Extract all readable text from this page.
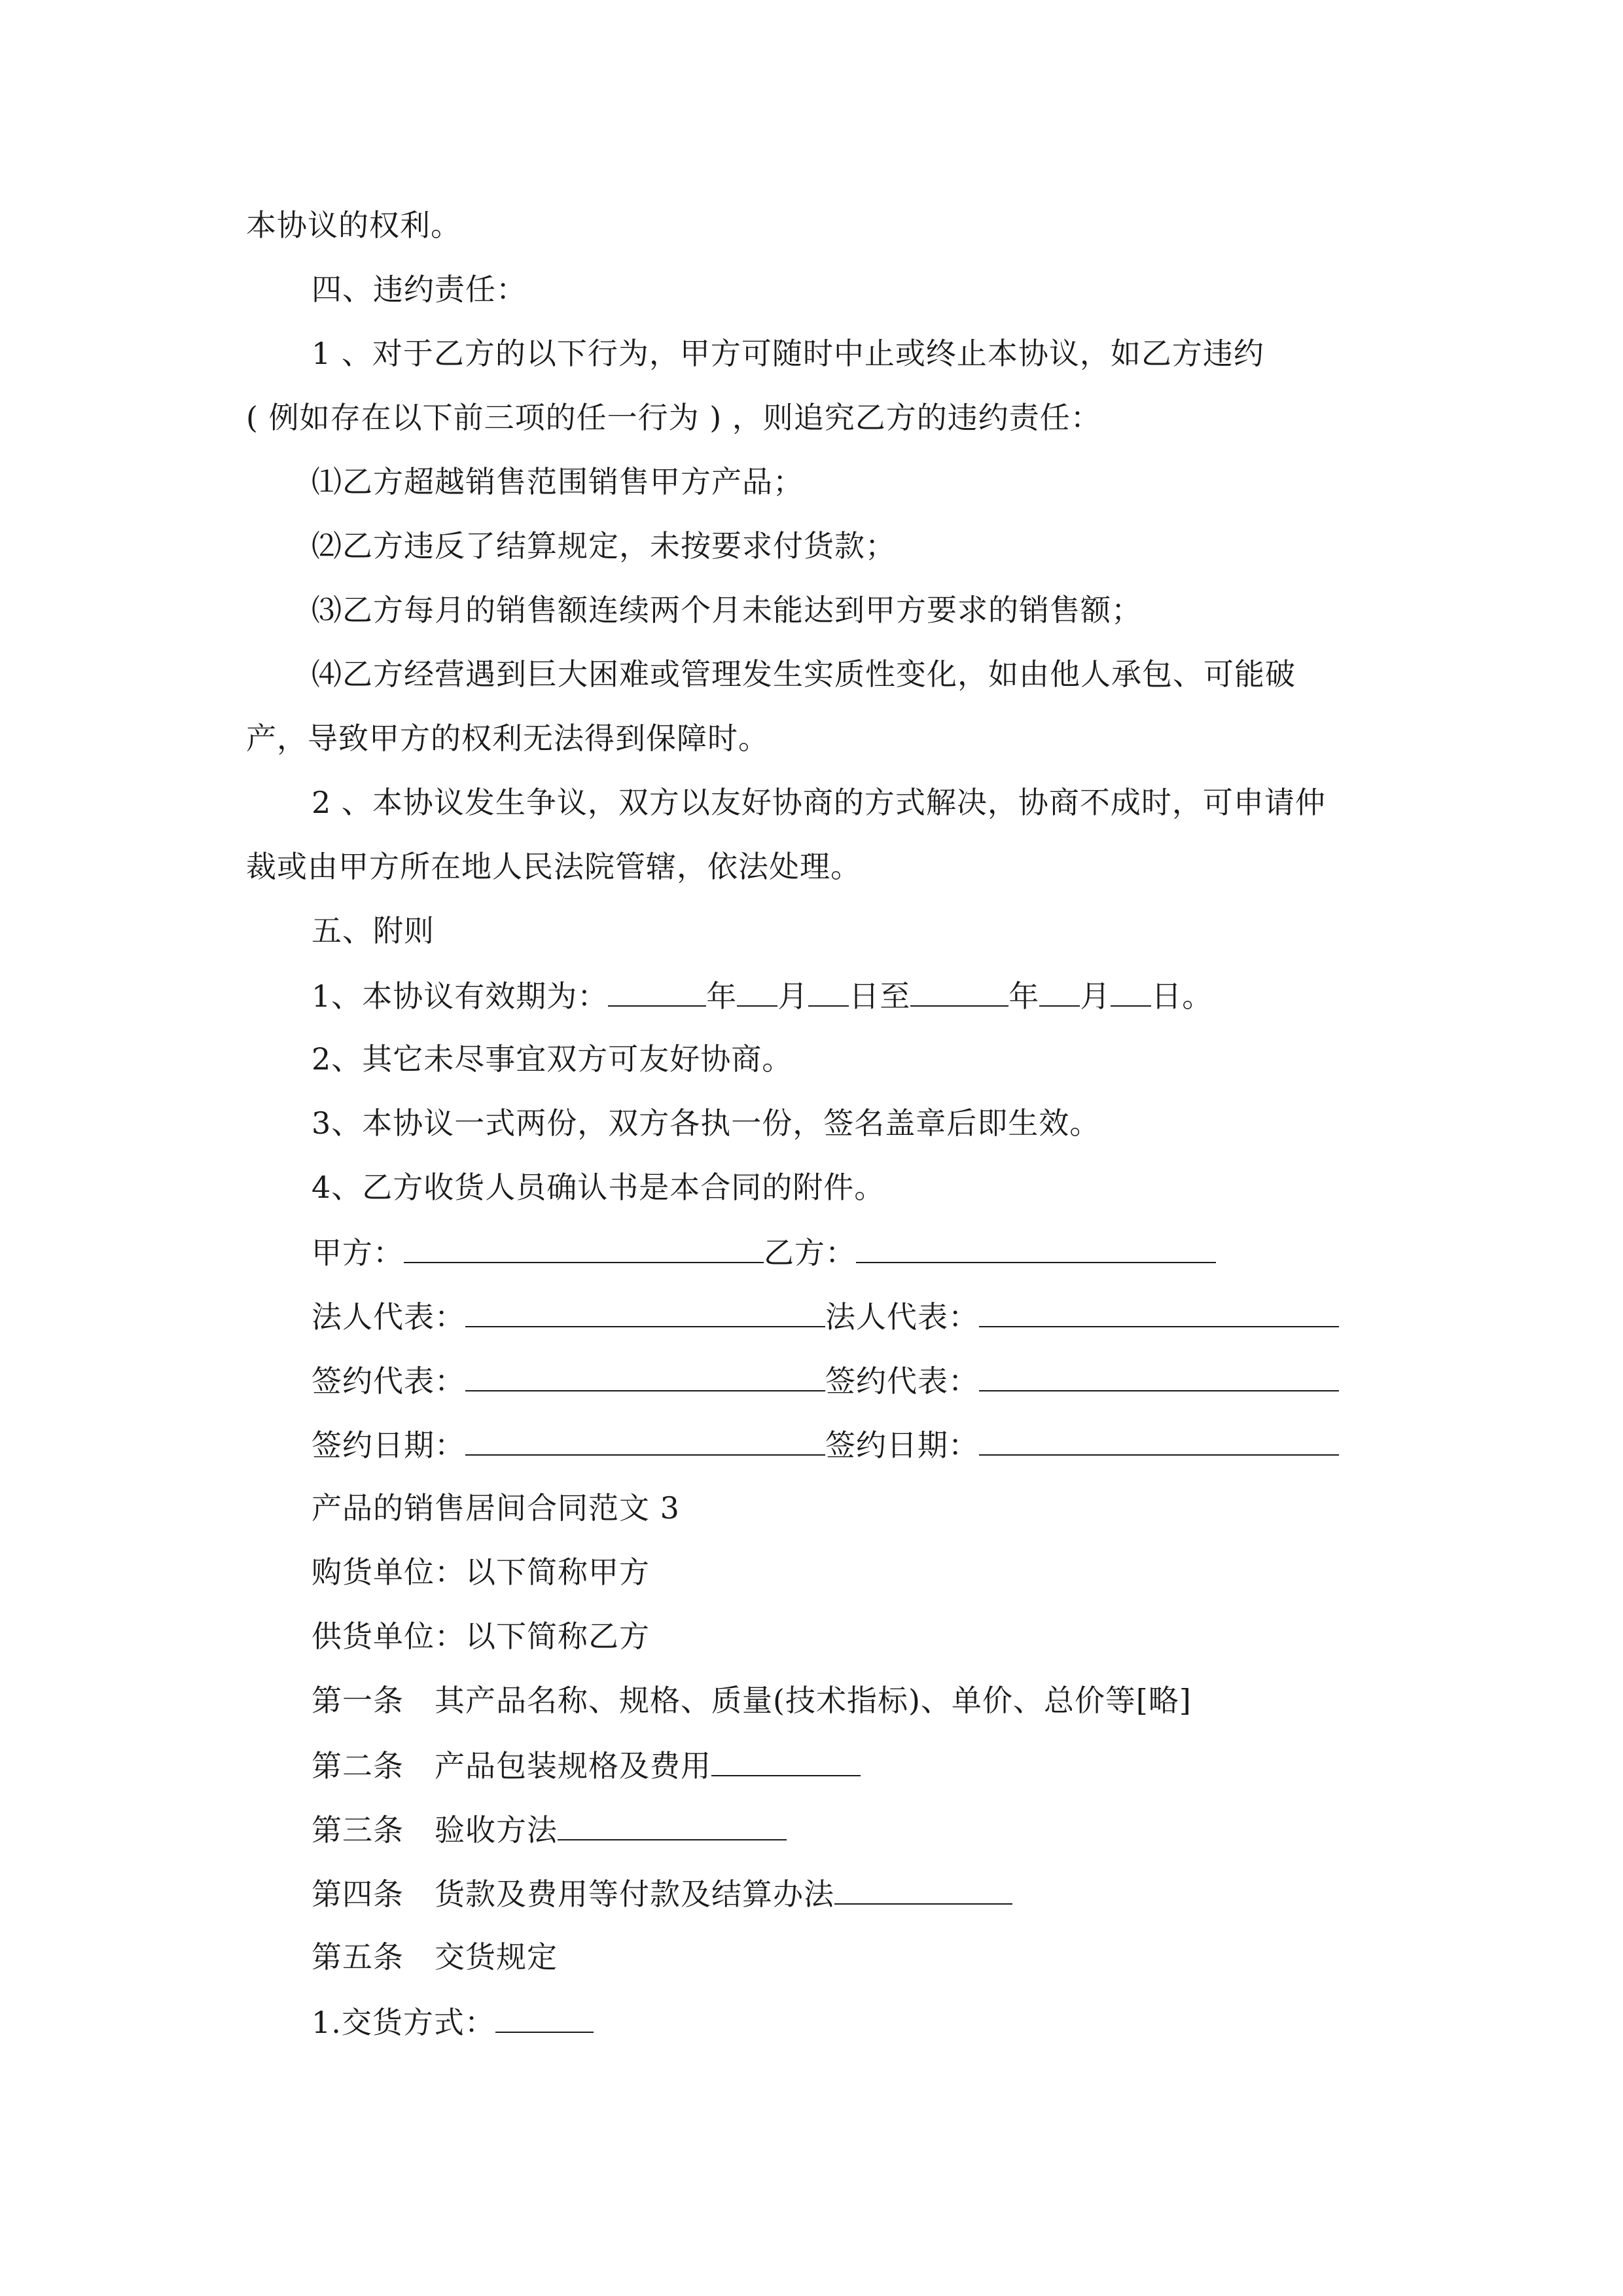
本协议的权利。
四、违约责任：
1 、对于乙方的以下行为，甲方可随时中止或终止本协议，如乙方违约
( 例如存在以下前三项的任一行为 ) ，则追究乙方的违约责任：
⑴乙方超越销售范围销售甲方产品；
⑵乙方违反了结算规定，未按要求付货款；
⑶乙方每月的销售额连续两个月未能达到甲方要求的销售额；
⑷乙方经营遇到巨大困难或管理发生实质性变化，如由他人承包、可能破
产，导致甲方的权利无法得到保障时。
2 、本协议发生争议，双方以友好协商的方式解决，协商不成时，可申请仲
裁或由甲方所在地人民法院管辖，依法处理。
五、附则
1、本协议有效期为：	年 月 日至	年 月 日。
2、其它未尽事宜双方可友好协商。
3、本协议一式两份，双方各执一份，签名盖章后即生效。
4、乙方收货人员确认书是本合同的附件。
甲方：	乙方：
法人代表：	法人代表：
签约代表：	签约代表：
签约日期：	签约日期：
产品的销售居间合同范文 3
购货单位：以下简称甲方
供货单位：以下简称乙方
第一条　其产品名称、规格、质量(技术指标)、单价、总价等[略]
第二条　产品包装规格及费用
第三条　验收方法
第四条　货款及费用等付款及结算办法
第五条　交货规定
1.交货方式：
